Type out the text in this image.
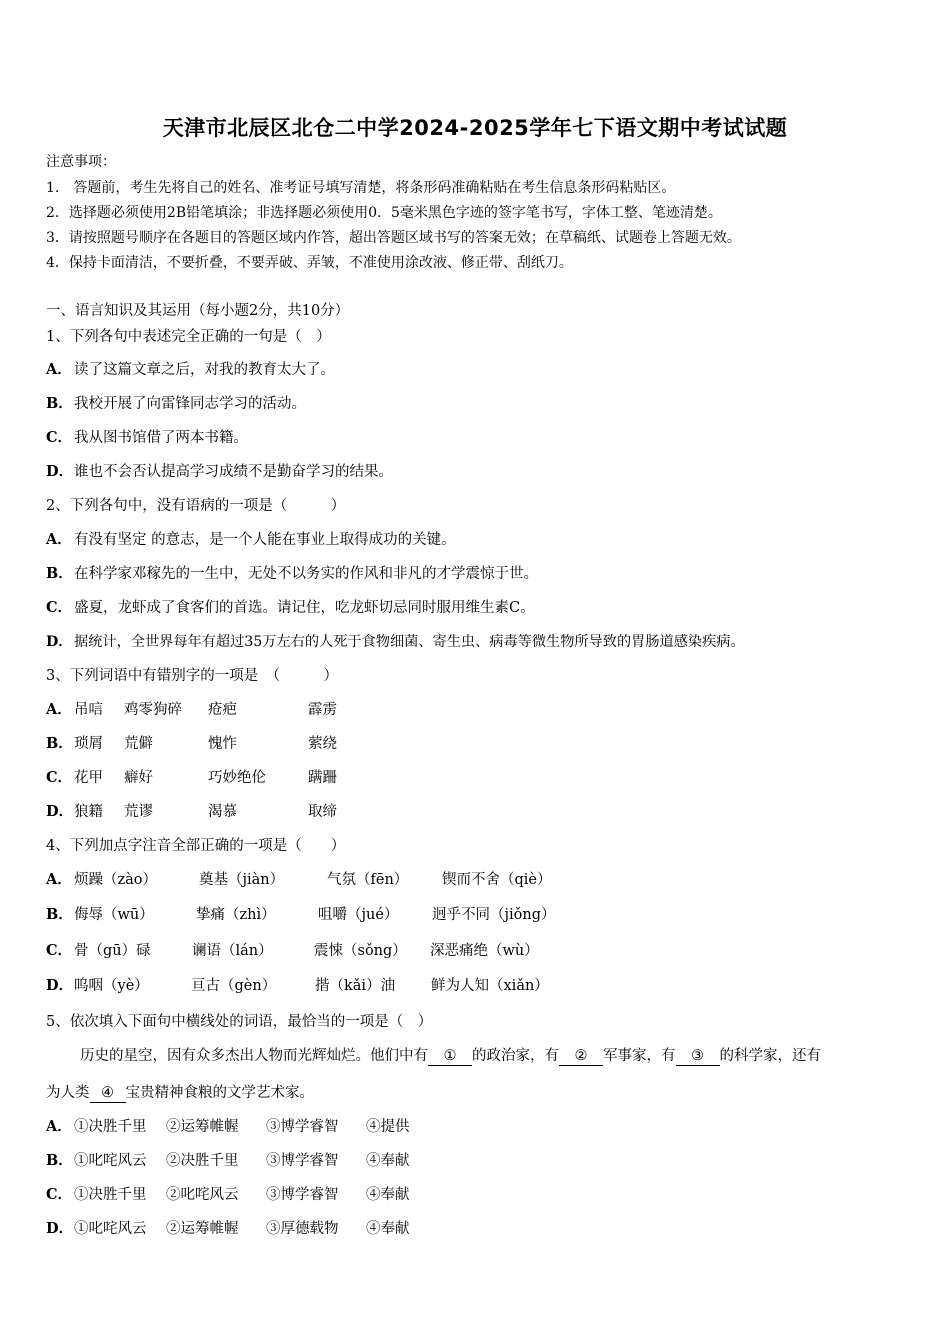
天津市北辰区北仓二中学2024-2025学年七下语文期中考试试题
注意事项：
1.　答题前，考生先将自己的姓名、准考证号填写清楚，将条形码准确粘贴在考生信息条形码粘贴区。
2．选择题必须使用2B铅笔填涂；非选择题必须使用0．5毫米黑色字迹的签字笔书写，字体工整、笔迹清楚。
3．请按照题号顺序在各题目的答题区域内作答，超出答题区域书写的答案无效；在草稿纸、试题卷上答题无效。
4．保持卡面清洁，不要折叠，不要弄破、弄皱，不准使用涂改液、修正带、刮纸刀。
一、语言知识及其运用（每小题2分，共10分）
1、下列各句中表述完全正确的一句是（　）
A． 读了这篇文章之后，对我的教育太大了。
B．我校开展了向雷锋同志学习的活动。
C． 我从图书馆借了两本书籍。
D．谁也不会否认提高学习成绩不是勤奋学习的结果。
2、下列各句中，没有语病的一项是（　　　）
A． 有没有坚定 的意志，是一个人能在事业上取得成功的关键。
B．在科学家邓稼先的一生中，无处不以务实的作风和非凡的才学震惊于世。
C． 盛夏，龙虾成了食客们的首选。请记住，吃龙虾切忌同时服用维生素C。
D． 据统计，全世界每年有超过35万左右的人死于食物细菌、寄生虫、病毒等微生物所导致的胃肠道感染疾病。
3、下列词语中有错别字的一项是　（　　　）
A． 吊唁 鸡零狗碎 疮疤	霹雳
B．琐屑 荒僻	愧怍	萦绕
C． 花甲 癖好	巧妙绝伦	蹒跚
D．狼籍 荒谬	渴慕	取缔
4、下列加点字注音全部正确的一项是（　　）
A． 烦躁（zào）	奠基（jiàn）	气氛（fēn） 锲而不舍（qiè）
B．侮辱（wū）	挚痛（zhì）	咀嚼（jué） 迥乎不同（jiǒng）
C． 骨（gū）碌	谰语（lán）	震悚（sǒng） 深恶痛绝（wù）
D．呜咽（yè）	亘古（gèn）	揩（kǎi）油 鲜为人知（xiǎn）
5、依次填入下面句中横线处的词语，最恰当的一项是（　）
历史的星空，因有众多杰出人物而光辉灿烂。他们中有 ① 的政治家，有 ② 军事家，有 ③ 的科学家，还有
为人类 ④ 宝贵精神食粮的文学艺术家。
A． ①决胜千里 ②运筹帷幄 ③博学睿智 ④提供
B．①叱咤风云 ②决胜千里 ③博学睿智 ④奉献
C． ①决胜千里 ②叱咤风云 ③博学睿智 ④奉献
D．①叱咤风云 ②运筹帷幄 ③厚德载物 ④奉献
